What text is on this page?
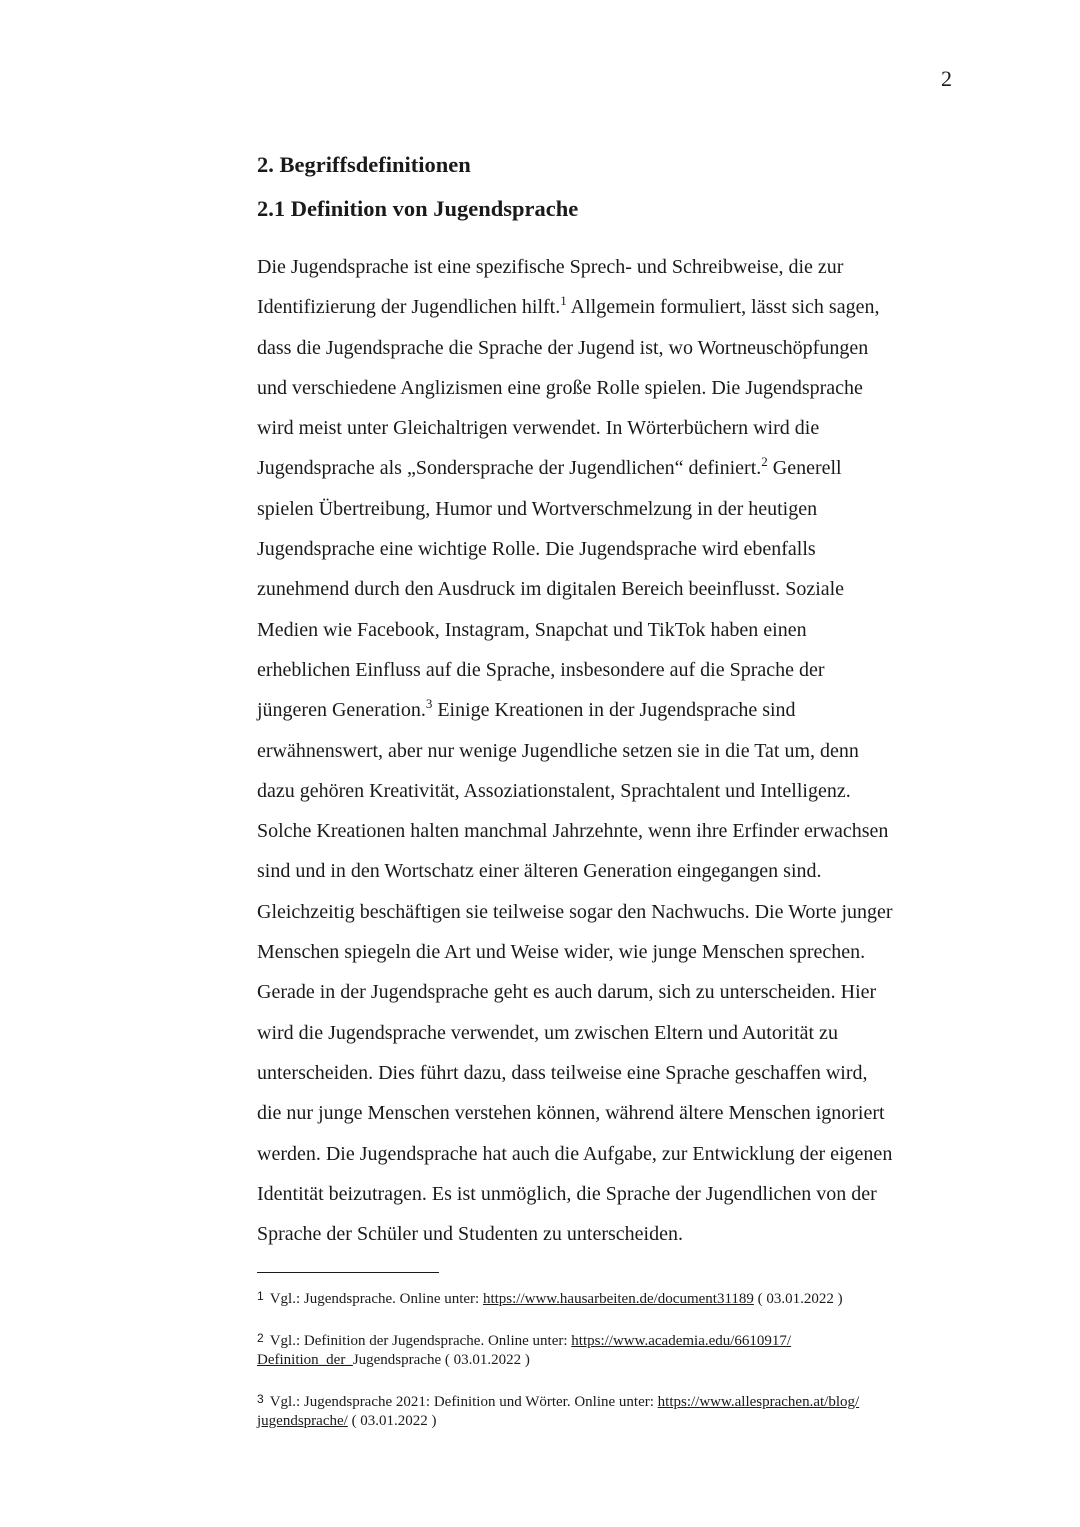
2
2. Begriffsdefinitionen
2.1 Definition von Jugendsprache

Die Jugendsprache ist eine spezifische Sprech- und Schreibweise, die zur
Identifizierung der Jugendlichen hilft.$^1$ Allgemein formuliert, lässt sich sagen,
dass die Jugendsprache die Sprache der Jugend ist, wo Wortneuschöpfungen
und verschiedene Anglizismen eine große Rolle spielen. Die Jugendsprache
wird meist unter Gleichaltrigen verwendet. In Wörterbüchern wird die
Jugendsprache als „Sondersprache der Jugendlichen“ definiert.$^2$ Generell
spielen Übertreibung, Humor und Wortverschmelzung in der heutigen
Jugendsprache eine wichtige Rolle. Die Jugendsprache wird ebenfalls
zunehmend durch den Ausdruck im digitalen Bereich beeinflusst. Soziale
Medien wie Facebook, Instagram, Snapchat und TikTok haben einen
erheblichen Einfluss auf die Sprache, insbesondere auf die Sprache der
jüngeren Generation.$^3$ Einige Kreationen in der Jugendsprache sind
erwähnenswert, aber nur wenige Jugendliche setzen sie in die Tat um, denn
dazu gehören Kreativität, Assoziationstalent, Sprachtalent und Intelligenz.
Solche Kreationen halten manchmal Jahrzehnte, wenn ihre Erfinder erwachsen
sind und in den Wortschatz einer älteren Generation eingegangen sind.
Gleichzeitig beschäftigen sie teilweise sogar den Nachwuchs. Die Worte junger
Menschen spiegeln die Art und Weise wider, wie junge Menschen sprechen.
Gerade in der Jugendsprache geht es auch darum, sich zu unterscheiden. Hier
wird die Jugendsprache verwendet, um zwischen Eltern und Autorität zu
unterscheiden. Dies führt dazu, dass teilweise eine Sprache geschaffen wird,
die nur junge Menschen verstehen können, während ältere Menschen ignoriert
werden. Die Jugendsprache hat auch die Aufgabe, zur Entwicklung der eigenen
Identität beizutragen. Es ist unmöglich, die Sprache der Jugendlichen von der
Sprache der Schüler und Studenten zu unterscheiden.

$^1$ Vgl.: Jugendsprache. Online unter: https://www.hausarbeiten.de/document31189 ( 03.01.2022 )

$^2$ Vgl.: Definition der Jugendsprache. Online unter: https://www.academia.edu/6610917/
Definition_der_Jugendsprache ( 03.01.2022 )

$^3$ Vgl.: Jugendsprache 2021: Definition und Wörter. Online unter: https://www.allesprachen.at/blog/
jugendsprache/ ( 03.01.2022 )
